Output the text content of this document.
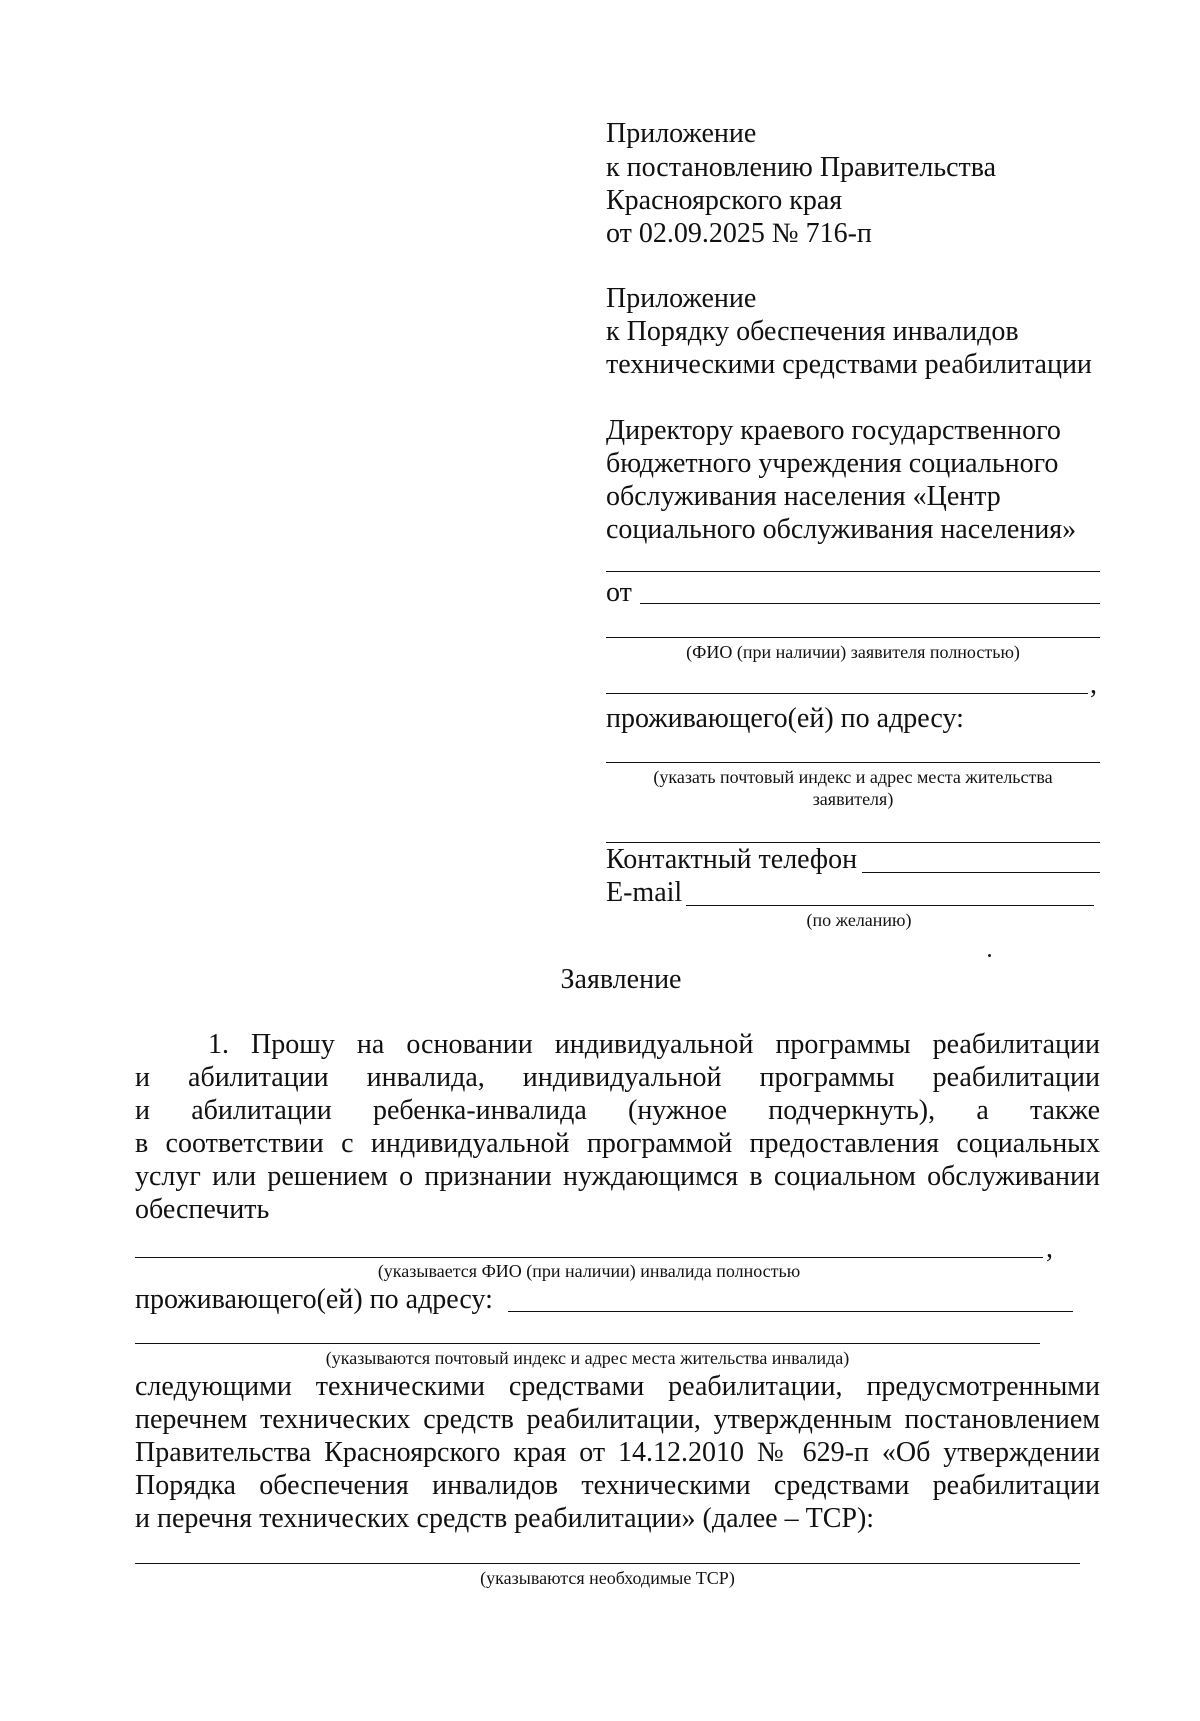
Приложение
к постановлению Правительства
Красноярского края
от 02.09.2025 № 716-п
Приложение
к Порядку обеспечения инвалидов
техническими средствами реабилитации
Директору краевого государственного
бюджетного учреждения социального
обслуживания населения «Центр
социального обслуживания населения»
от
(ФИО (при наличии) заявителя полностью)
,
проживающего(ей) по адресу:
(указать почтовый индекс и адрес места жительства
заявителя)
Контактный телефон
E-mail
(по желанию)
Заявление
1. Прошу на основании индивидуальной программы реабилитации
и абилитации инвалида, индивидуальной программы реабилитации
и абилитации ребенка-инвалида (нужное подчеркнуть), а также
в соответствии с индивидуальной программой предоставления социальных
услуг или решением о признании нуждающимся в социальном обслуживании
обеспечить
,
(указывается ФИО (при наличии) инвалида полностью
проживающего(ей) по адресу:
(указываются почтовый индекс и адрес места жительства инвалида)
следующими техническими средствами реабилитации, предусмотренными
перечнем технических средств реабилитации, утвержденным постановлением
Правительства Красноярского края от 14.12.2010 № 629-п «Об утверждении
Порядка обеспечения инвалидов техническими средствами реабилитации
и перечня технических средств реабилитации» (далее – ТСР):
(указываются необходимые ТСР)
